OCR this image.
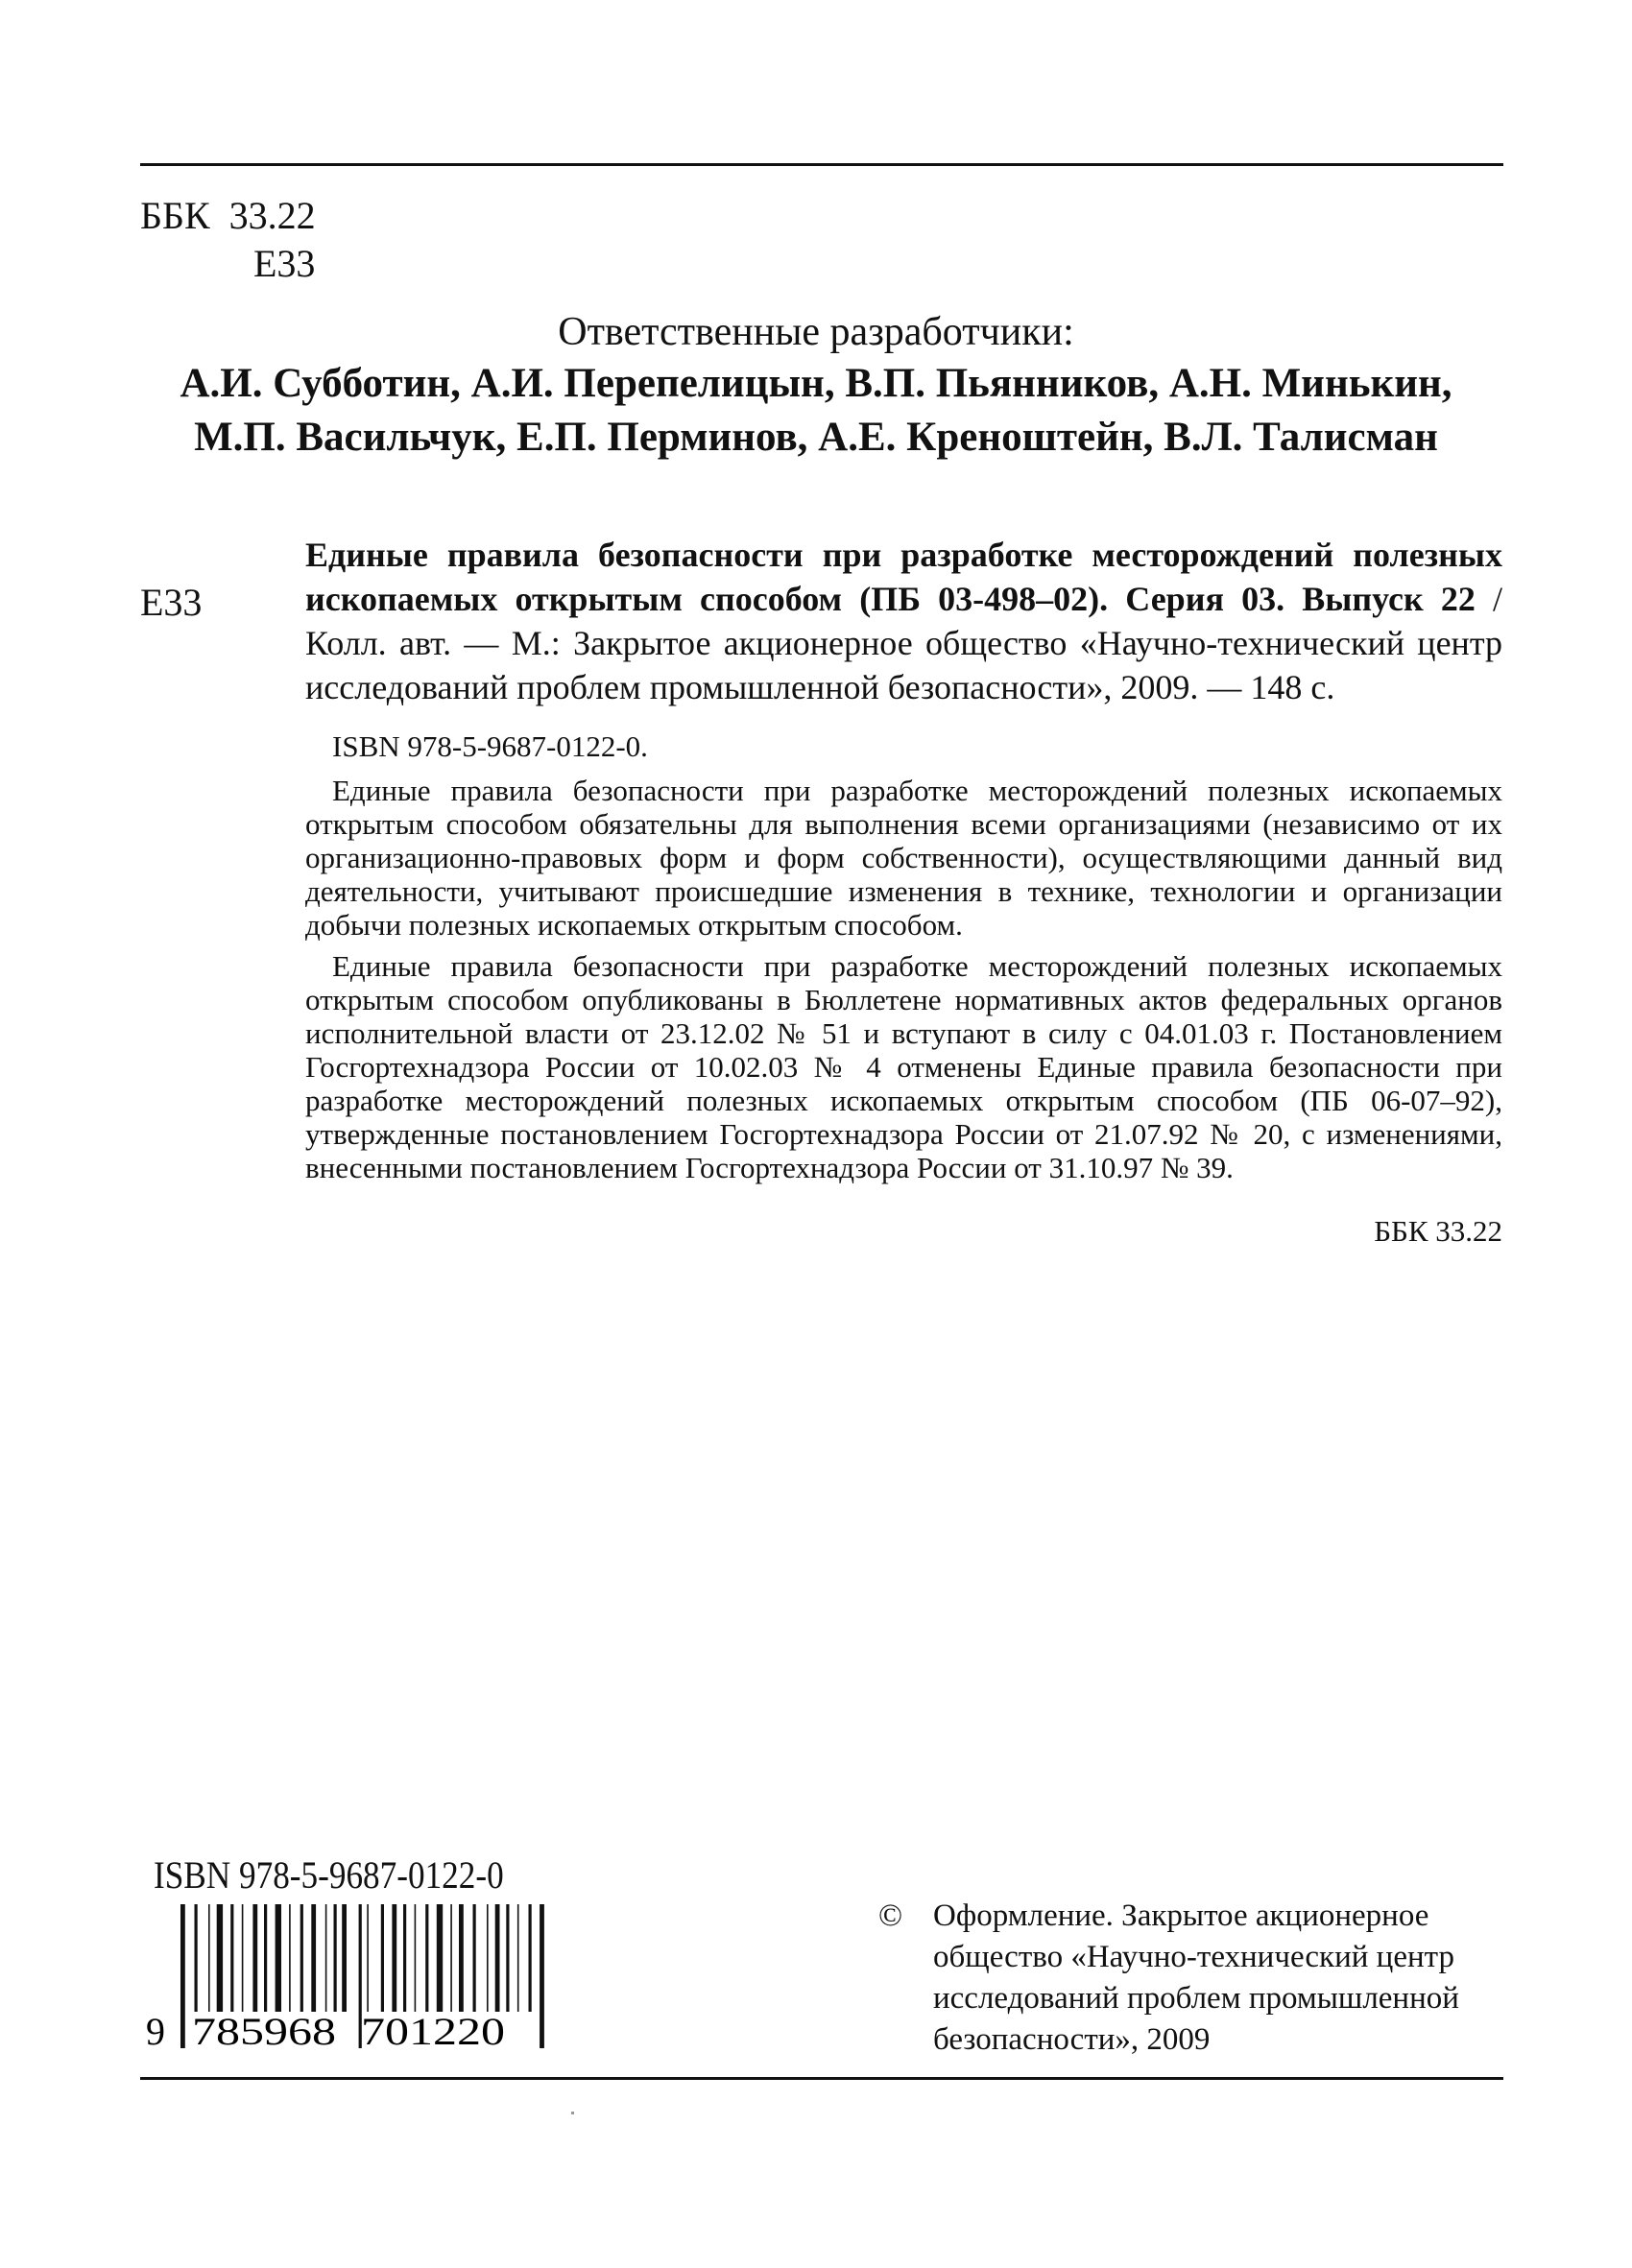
ББК 33.22
Е33
Ответственные разработчики:
А.И. Субботин, А.И. Перепелицын, В.П. Пьянников, А.Н. Минькин,
М.П. Васильчук, Е.П. Перминов, А.Е. Креноштейн, В.Л. Талисман
Е33
Единые правила безопасности при разработке месторождений полезных ископаемых открытым способом (ПБ 03-498–02). Серия 03. Выпуск 22 / Колл. авт. — М.: Закрытое акционерное общество «Научно-технический центр исследований проблем промышленной безопасности», 2009. — 148 с.
ISBN 978-5-9687-0122-0.

Единые правила безопасности при разработке месторождений полезных ископаемых открытым способом обязательны для выполнения всеми организациями (независимо от их организационно-правовых форм и форм собственности), осуществляющими данный вид деятельности, учитывают происшедшие изменения в технике, технологии и организации добычи полезных ископаемых открытым способом.

Единые правила безопасности при разработке месторождений полезных ископаемых открытым способом опубликованы в Бюллетене нормативных актов федеральных органов исполнительной власти от 23.12.02 № 51 и вступают в силу с 04.01.03 г. Постановлением Госгортехнадзора России от 10.02.03 № 4 отменены Единые правила безопасности при разработке месторождений полезных ископаемых открытым способом (ПБ 06-07–92), утвержденные постановлением Госгортехнадзора России от 21.07.92 № 20, с изменениями, внесенными постановлением Госгортехнадзора России от 31.10.97 № 39.

ББК 33.22
ISBN 978-5-9687-0122-0
9 785968 701220
© Оформление. Закрытое акционерное общество «Научно-технический центр исследований проблем промышленной безопасности», 2009
